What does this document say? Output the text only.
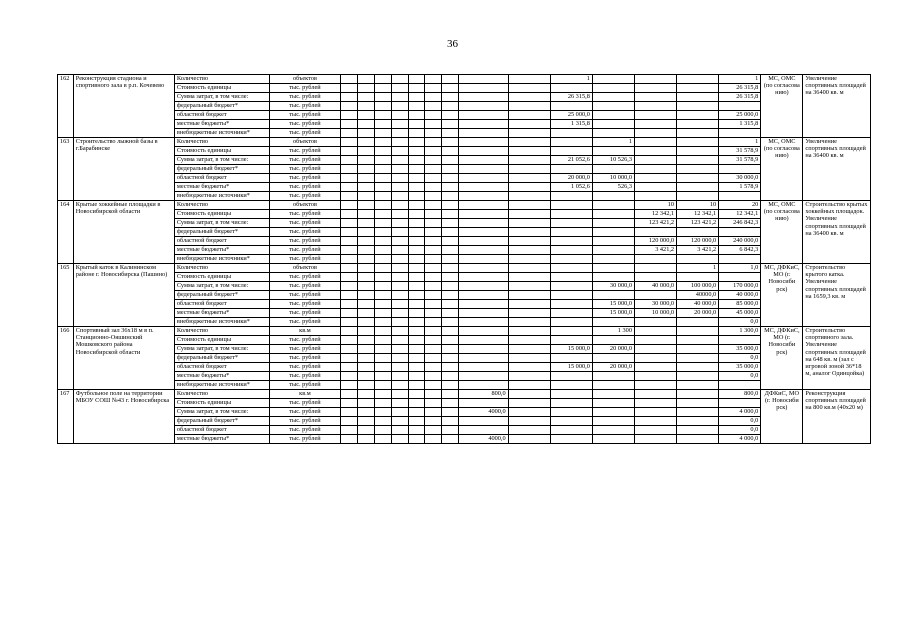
36
162	Реконструкция стадиона и спортивного зала в р.п. Кочевево	Количество	объектов										1				1	МС, ОМС (по согласова нию)	Увеличение спортивных площадей на 36400 кв. м
		Стоимость единицы	тыс. рублей														26 315,8		
		Сумма затрат, в том числе:	тыс. рублей										26 315,8				26 315,8		
		федеральный бюджет*	тыс. рублей																
		областной бюджет	тыс. рублей										25 000,0				25 000,0		
		местные бюджеты*	тыс. рублей										1 315,8				1 315,8		
		внебюджетные источники*	тыс. рублей																
163	Строительство лыжной базы в г.Барабинске	Количество	объектов											1			1	МС, ОМС (по согласова нию)	Увеличение спортивных площадей на 36400 кв. м
		Стоимость единицы	тыс. рублей														31 578,9		
		Сумма затрат, в том числе:	тыс. рублей										21 052,6	10 526,3			31 578,9		
		федеральный бюджет*	тыс. рублей																
		областной бюджет	тыс. рублей										20 000,0	10 000,0			30 000,0		
		местные бюджеты*	тыс. рублей										1 052,6	526,3			1 578,9		
		внебюджетные источники*	тыс. рублей																
164	Крытые хоккейные площадки в Новосибирской области	Количество	объектов												10	10	20	МС, ОМС (по согласова нию)	Строительство крытых хоккейных площадок. Увеличение спортивных площадей на 36400 кв. м
		Стоимость единицы	тыс. рублей												12 342,1	12 342,1	12 342,1		
		Сумма затрат, в том числе:	тыс. рублей												123 421,2	123 421,2	246 842,3		
		федеральный бюджет*	тыс. рублей																
		областной бюджет	тыс. рублей												120 000,0	120 000,0	240 000,0		
		местные бюджеты*	тыс. рублей												3 421,2	3 421,2	6 842,3		
		внебюджетные источники*	тыс. рублей																
165	Крытый каток в Калининском районе г. Новосибирска (Пашино)	Количество	объектов													1	1,0	МС, ДФКиС, МО (г. Новосиби рск)	Строительство крытого катка. Увеличение спортивных площадей на 1659,3 кв. м
		Стоимость единицы	тыс. рублей																
		Сумма затрат, в том числе:	тыс. рублей											30 000,0	40 000,0	100 000,0	170 000,0		
		федеральный бюджет*	тыс. рублей													40000,0	40 000,0		
		областной бюджет	тыс. рублей											15 000,0	30 000,0	40 000,0	85 000,0		
		местные бюджеты*	тыс. рублей											15 000,0	10 000,0	20 000,0	45 000,0		
		внебюджетные источники*	тыс. рублей														0,0		
166	Спортивный зал 36х18 м в п. Станционно-Ояшинский Мошковского района Новосибирской области	Количество	кв.м											1 300			1 300,0	МС, ДФКиС, МО (г. Новосиби рск)	Строительство спортивного зала. Увеличение спортивных площадей на 648 кв. м (зал с игровой зоной 36*18 м, аналог Одинцойка)
		Стоимость единицы	тыс. рублей																
		Сумма затрат, в том числе:	тыс. рублей										15 000,0	20 000,0			35 000,0		
		федеральный бюджет*	тыс. рублей														0,0		
		областной бюджет	тыс. рублей										15 000,0	20 000,0			35 000,0		
		местные бюджеты*	тыс. рублей														0,0		
		внебюджетные источники*	тыс. рублей																
167	Футбольное поле на территории МБОУ СОШ №43 г. Новосибирска	Количество	кв.м								800,0						800,0	ДФКиС, МО (г. Новосиби рск)	Реконструкция спортивных площадей на 800 кв.м (40х20 м)
		Стоимость единицы	тыс. рублей																
		Сумма затрат, в том числе:	тыс. рублей								4000,0						4 000,0		
		федеральный бюджет*	тыс. рублей														0,0		
		областной бюджет	тыс. рублей														0,0		
		местные бюджеты*	тыс. рублей								4000,0						4 000,0		
